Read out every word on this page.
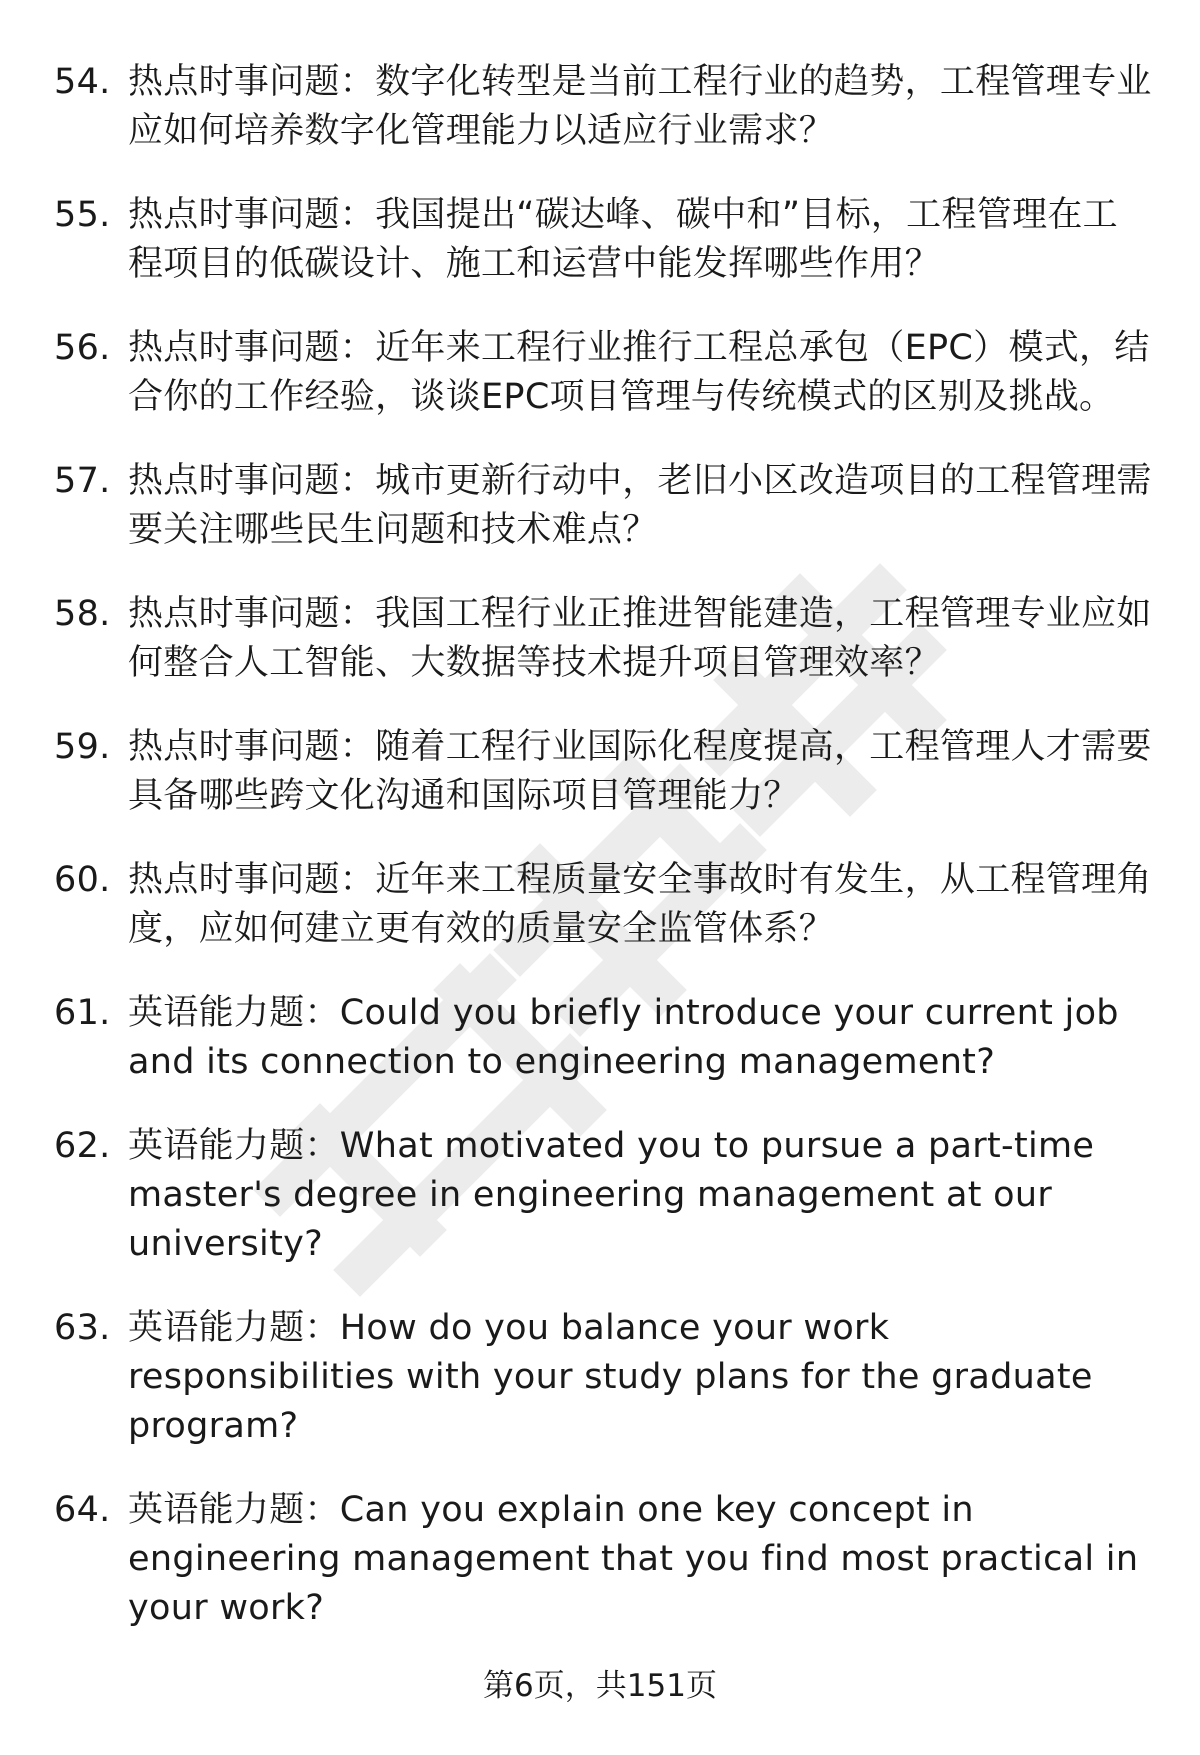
54. 热点时事问题：数字化转型是当前工程行业的趋势，工程管理专业应如何培养数字化管理能力以适应行业需求？
55. 热点时事问题：我国提出“碳达峰、碳中和”目标，工程管理在工程项目的低碳设计、施工和运营中能发挥哪些作用？
56. 热点时事问题：近年来工程行业推行工程总承包（EPC）模式，结合你的工作经验，谈谈EPC项目管理与传统模式的区别及挑战。
57. 热点时事问题：城市更新行动中，老旧小区改造项目的工程管理需要关注哪些民生问题和技术难点？
58. 热点时事问题：我国工程行业正推进智能建造，工程管理专业应如何整合人工智能、大数据等技术提升项目管理效率？
59. 热点时事问题：随着工程行业国际化程度提高，工程管理人才需要具备哪些跨文化沟通和国际项目管理能力？
60. 热点时事问题：近年来工程质量安全事故时有发生，从工程管理角度，应如何建立更有效的质量安全监管体系？
61. 英语能力题：Could you briefly introduce your current job and its connection to engineering management?
62. 英语能力题：What motivated you to pursue a part-time master's degree in engineering management at our university?
63. 英语能力题：How do you balance your work responsibilities with your study plans for the graduate program?
64. 英语能力题：Can you explain one key concept in engineering management that you find most practical in your work?
第6页，共151页
